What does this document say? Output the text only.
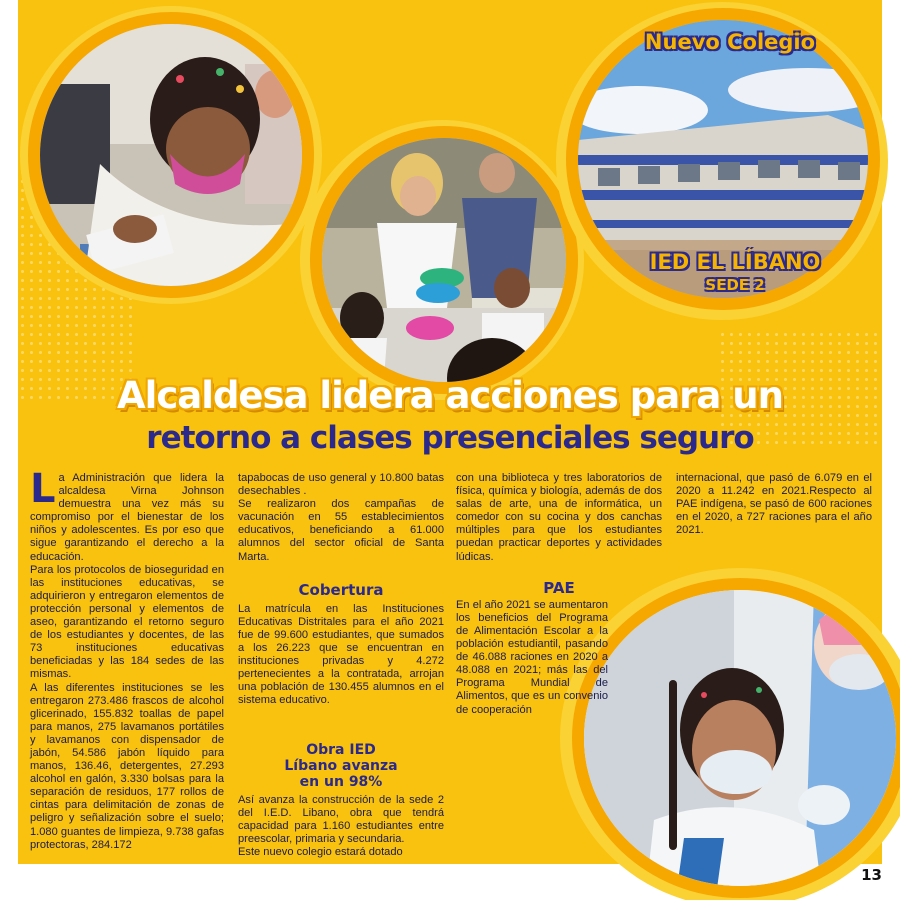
Nuevo Colegio
IED EL LÍBANO
SEDE 2
Alcaldesa lidera acciones para un
retorno a clases presenciales seguro
L a Administración que lidera la alcaldesa Virna Johnson demuestra una vez más su compromiso por el bienestar de los niños y adolescentes. Es por eso que sigue garantizando el derecho a la educación.

Para los protocolos de bioseguridad en las instituciones educativas, se adquirieron y entregaron elementos de protección personal y elementos de aseo, garantizando el retorno seguro de los estudiantes y docentes, de las 73 instituciones educativas beneficiadas y las 184 sedes de las mismas.

A las diferentes instituciones se les entregaron 273.486 frascos de alcohol glicerinado, 155.832 toallas de papel para manos, 275 lavamanos portátiles y lavamanos con dispensador de jabón, 54.586 jabón líquido para manos, 136.46, detergentes, 27.293 alcohol en galón, 3.330 bolsas para la separación de residuos, 177 rollos de cintas para delimitación de zonas de peligro y señalización sobre el suelo; 1.080 guantes de limpieza, 9.738 gafas protectoras, 284.172

tapabocas de uso general y 10.800 batas desechables .

Se realizaron dos campañas de vacunación en 55 establecimientos educativos, beneficiando a 61.000 alumnos del sector oficial de Santa Marta.

Cobertura

La matrícula en las Instituciones Educativas Distritales para el año 2021 fue de 99.600 estudiantes, que sumados a los 26.223 que se encuentran en instituciones privadas y 4.272 pertenecientes a la contratada, arrojan una población de 130.455 alumnos en el sistema educativo.

Obra IED
Líbano avanza
en un 98%

Así avanza la construcción de la sede 2 del I.E.D. Libano, obra que tendrá capacidad para 1.160 estudiantes entre preescolar, primaria y secundaria.

Este nuevo colegio estará dotado

con una biblioteca y tres laboratorios de física, química y biología, además de dos salas de arte, una de informática, un comedor con su cocina y dos canchas múltiples para que los estudiantes puedan practicar deportes y actividades lúdicas.

PAE

En el año 2021 se aumentaron los beneficios del Programa de Alimentación Escolar a la población estudiantil, pasando de 46.088 raciones en 2020 a 48.088 en 2021; más las del Programa Mundial de Alimentos, que es un convenio de cooperación

internacional, que pasó de 6.079 en el 2020 a 11.242 en 2021.Respecto al PAE indígena, se pasó de 600 raciones en el 2020, a 727 raciones para el año 2021.

13
